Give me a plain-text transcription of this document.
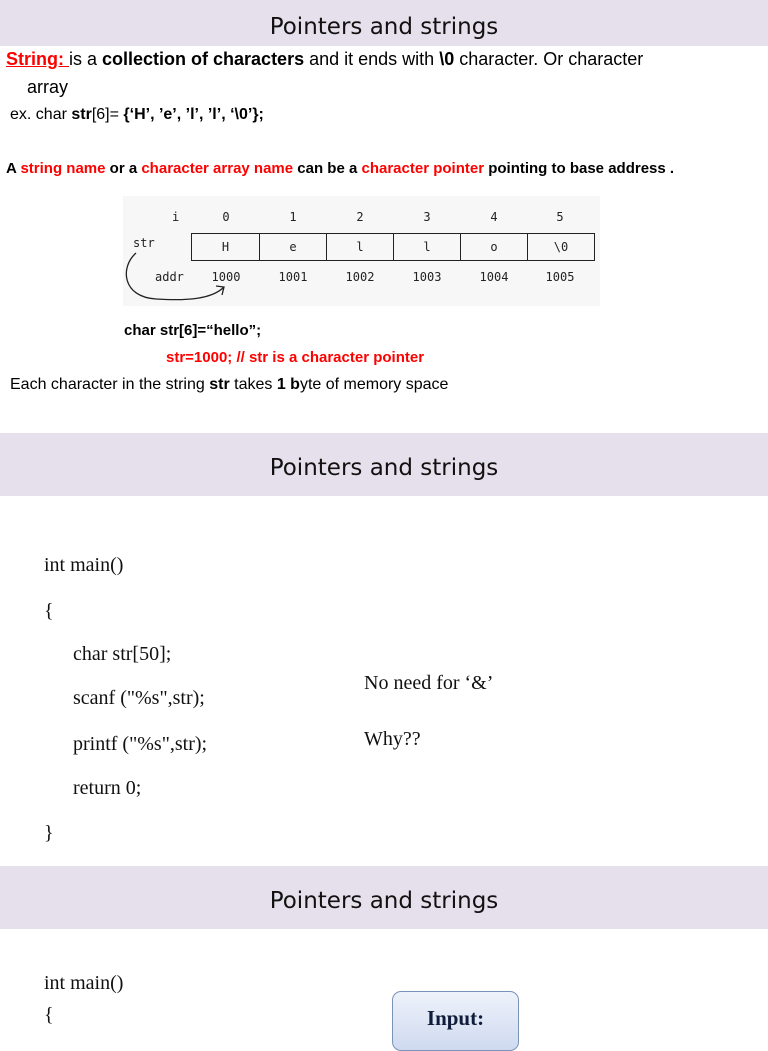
Pointers and strings
String: is a collection of characters and it ends with \0 character. Or character
array
ex. char str[6]= {‘H’, ’e’, ’l’, ’l’, ‘\0’};
A string name or a character array name can be a character pointer pointing to base address .
i
str
addr
0	1	2	3	4	5
H	e	l	l	o	\0
1000	1001	1002	1003	1004	1005
char str[6]=“hello”;
str=1000; // str is a character pointer
Each character in the string str takes 1 byte of memory space
Pointers and strings
int main()
{
char str[50];
scanf ("%s",str);
printf ("%s",str);
return 0;
}
No need for ‘&’
Why??
Pointers and strings
int main()
{	Input:
